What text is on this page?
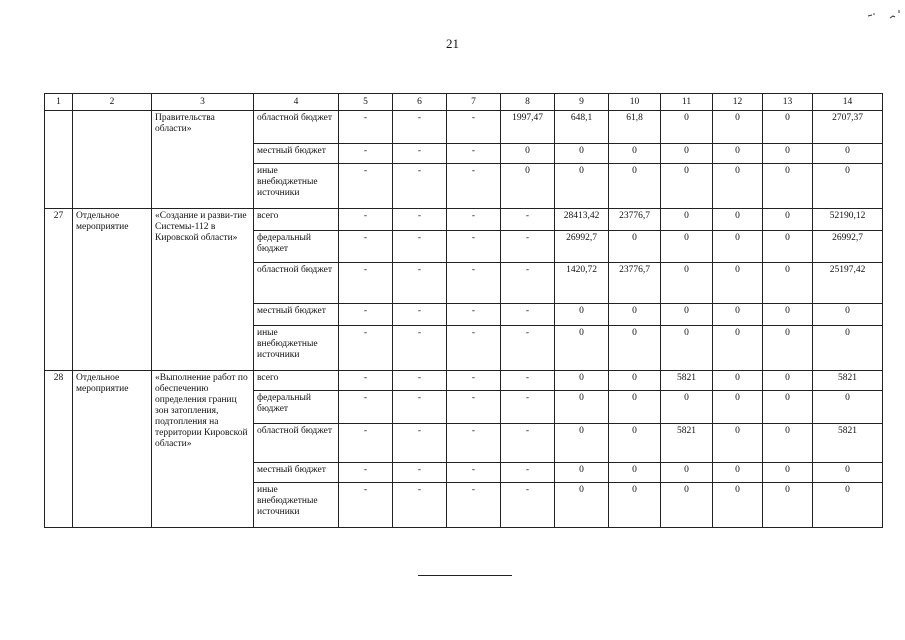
21
1	2	3	4	5	6	7	8	9	10	11	12	13	14
		Правительства области»	областной бюджет	-	-	-	1997,47	648,1	61,8	0	0	0	2707,37
			местный бюджет	-	-	-	0	0	0	0	0	0	0
			иные внебюджетные источники	-	-	-	0	0	0	0	0	0	0
27	Отдельное мероприятие	«Создание и разви-тие Системы-112 в Кировской области»	всего	-	-	-	-	28413,42	23776,7	0	0	0	52190,12
			федеральный бюджет	-	-	-	-	26992,7	0	0	0	0	26992,7
			областной бюджет	-	-	-	-	1420,72	23776,7	0	0	0	25197,42
			местный бюджет	-	-	-	-	0	0	0	0	0	0
			иные внебюджетные источники	-	-	-	-	0	0	0	0	0	0
28	Отдельное мероприятие	«Выполнение работ по обеспечению определения границ зон затопления, подтопления на территории Кировской области»	всего	-	-	-	-	0	0	5821	0	0	5821
			федеральный бюджет	-	-	-	-	0	0	0	0	0	0
			областной бюджет	-	-	-	-	0	0	5821	0	0	5821
			местный бюджет	-	-	-	-	0	0	0	0	0	0
			иные внебюджетные источники	-	-	-	-	0	0	0	0	0	0
